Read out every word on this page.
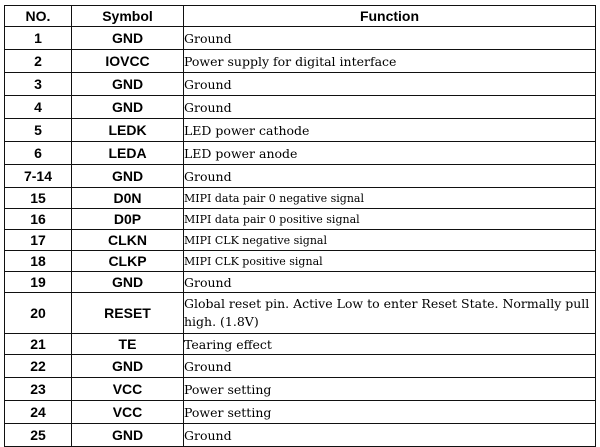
NO.	Symbol	Function
1	GND	Ground
2	IOVCC	Power supply for digital interface
3	GND	Ground
4	GND	Ground
5	LEDK	LED power cathode
6	LEDA	LED power anode
7-14	GND	Ground
15	D0N	MIPI data pair 0 negative signal
16	D0P	MIPI data pair 0 positive signal
17	CLKN	MIPI CLK negative signal
18	CLKP	MIPI CLK positive signal
19	GND	Ground
20	RESET	Global reset pin. Active Low to enter Reset State. Normally pull high. (1.8V)
21	TE	Tearing effect
22	GND	Ground
23	VCC	Power setting
24	VCC	Power setting
25	GND	Ground
